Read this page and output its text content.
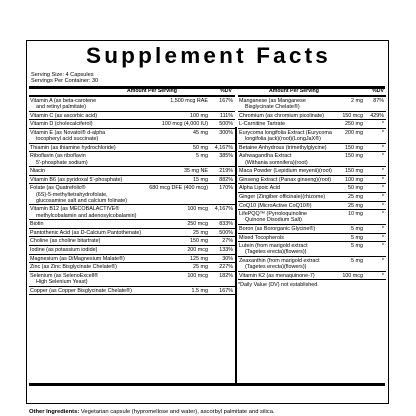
Supplement Facts
Serving Size: 4 Capsules
Servings Per Container: 30
Amount Per Serving	%DV
Vitamin A (as beta-carotene
and retinyl palmitate)
1,500 mcg RAE 167%
Vitamin C (as ascorbic acid)	100 mg 111%
Vitamin D (cholecalciferol)	100 mcg (4,000 IU) 500%
Vitamin E (as Novatol® d-alpha
tocopheryl acid succinate)
45 mg 300%
Thiamin (as thiamine hydrochloride)	50 mg 4,167%
Riboflavin (as riboflavin
5'-phosphate sodium)
5 mg 385%
Niacin	35 mg NE 219%
Vitamin B6 (as pyridoxal 5'-phosphate)	15 mg 882%
Folate (as Quatrefolic®
(6S)-5-methyltetrahydrofolate,
glucosamine salt and calcium folinate)
680 mcg DFE (400 mcg) 170%
Vitamin B12 (as MECOBALACTIVE®
methylcobalamin and adenosylcobalamin)
100 mcg 4,167%
Biotin	250 mcg 833%
Pantothenic Acid (as D-Calcium Pantothenate)	25 mg 500%
Choline (as choline bitartrate)	150 mg	27%
Iodine (as potassium iodide)	200 mcg 133%
Magnesium (as DiMagnesium Malate®)	125 mg	30%
Zinc (as Zinc Bisglycinate Chelate®)	25 mg 227%
Selenium (as SelenoExcell®
High Selenium Yeast)
100 mcg 182%
Copper (as Copper Bisglycinate Chelate®)	1.5 mg 167%
Amount Per Serving	%DV
Manganese (as Manganese
Bisglycinate Chelate®)
2 mg 87%
Chromium (as chromium picolinate)	150 mcg 429%
L-Carnitine Tartrate	250 mg	*
Eurycoma longifolia Extract (Eurycoma
longifolia jack)(root)(LongJaX®)
200 mg	*
Betaine Anhydrous (trimethylglycine)	150 mg	*
Ashwagandha Extract
(Withania somnifera)(root)
150 mg	*
Maca Powder (Lepidium meyenii)(root) 150 mg	*
Ginseng Extract (Panax ginseng)(root)	100 mg	*
Alpha Lipoic Acid	50 mg	*
Ginger (Zingiber officinale)(rhizome)	25 mg	*
CoQ10 (MicroActive CoQ10®)	25 mg	*
LifePQQ™ (Pyrroloquinoline
Quinone Disodium Salt)
10 mg	*
Boron (as Bororganic Glycine®)	5 mg	*
Mixed Tocopherols	5 mg	*
Lutein (from marigold extract
(Tagetes erecta)(flowers))
5 mg	*
Zeaxanthin (from marigold extract
(Tagetes erecta)(flowers))
5 mg	*
Vitamin K2 (as menaquinone-7)	100 mcg	*
*Daily Value (DV) not established.
Other Ingredients: Vegetarian capsule (hypromellose and water), ascorbyl palmitate and silica.
